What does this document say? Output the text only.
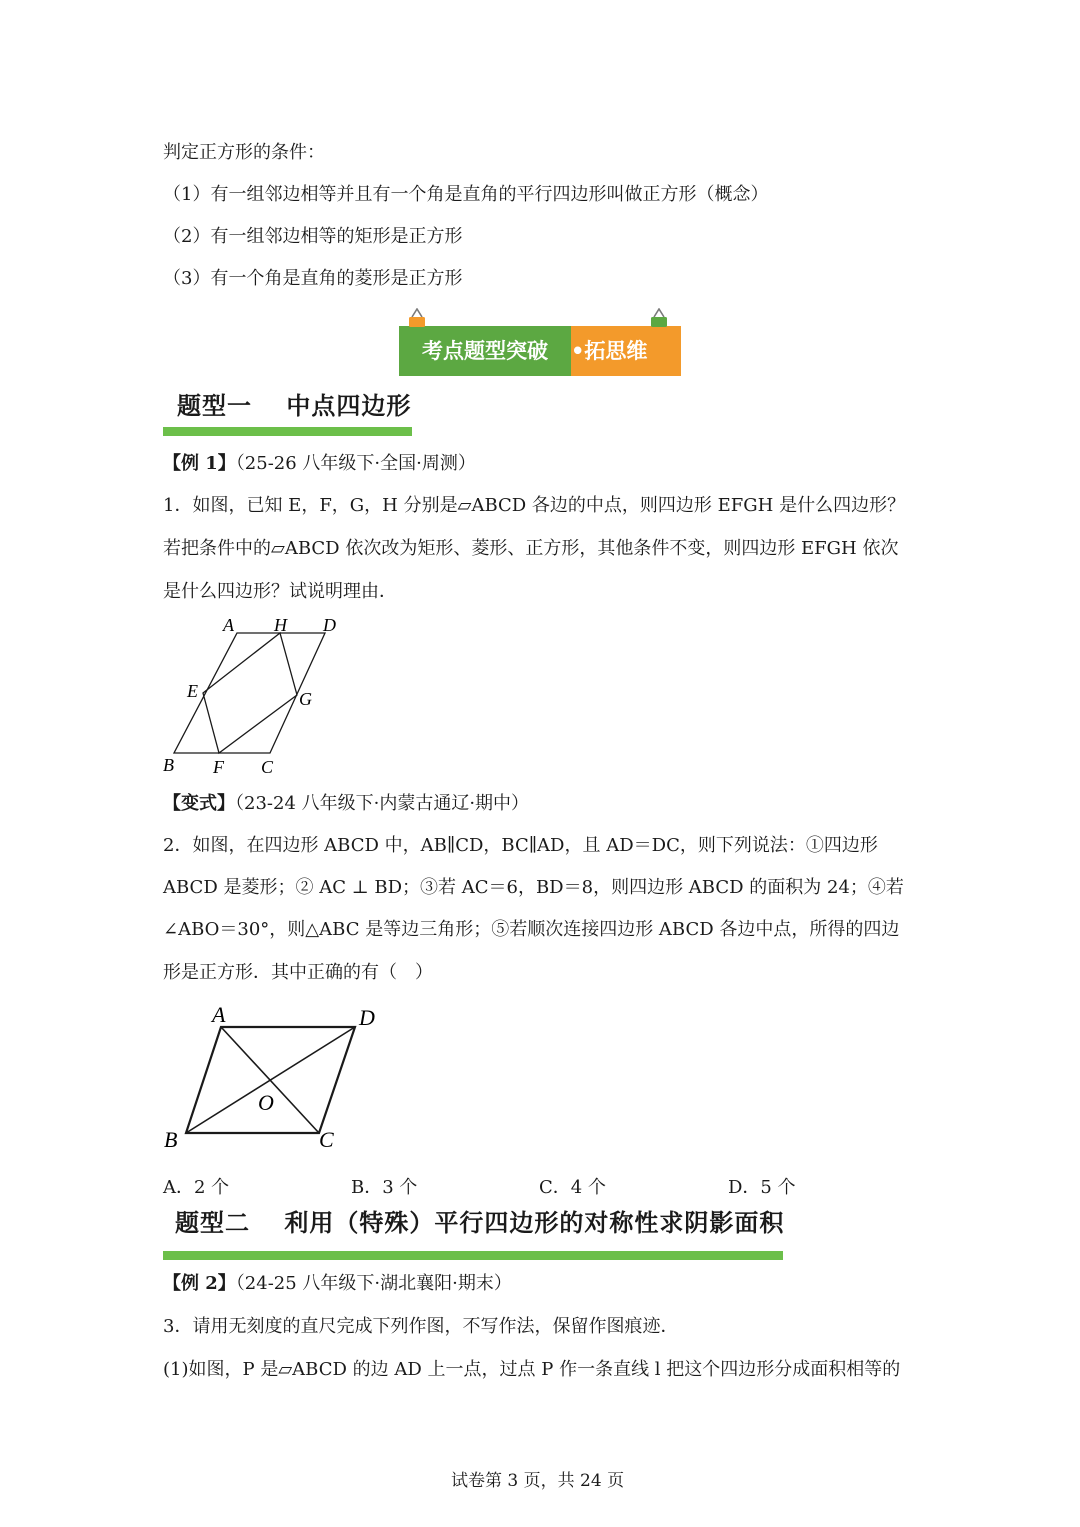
判定正方形的条件：
（1）有一组邻边相等并且有一个角是直角的平行四边形叫做正方形（概念）
（2）有一组邻边相等的矩形是正方形
（3）有一个角是直角的菱形是正方形
考点题型突破	•拓思维
题型一　 中点四边形
【例 1】（25-26 八年级下·全国·周测）
1．如图，已知 E，F，G，H 分别是▱ABCD 各边的中点，则四边形 EFGH 是什么四边形？
若把条件中的▱ABCD 依次改为矩形、菱形、正方形，其他条件不变，则四边形 EFGH 依次
是什么四边形？试说明理由．
A H D
E	G
B F C
【变式】（23-24 八年级下·内蒙古通辽·期中）
2．如图，在四边形 ABCD 中，AB∥CD，BC∥AD，且 AD＝DC，则下列说法：①四边形
ABCD 是菱形；② AC ⊥ BD；③若 AC＝6，BD＝8，则四边形 ABCD 的面积为 24；④若
∠ABO＝30°，则△ABC 是等边三角形；⑤若顺次连接四边形 ABCD 各边中点，所得的四边
形是正方形．其中正确的有（　）
A	D
O
B	C
A．2 个	B．3 个	C．4 个	D．5 个
题型二　 利用（特殊）平行四边形的对称性求阴影面积
【例 2】（24-25 八年级下·湖北襄阳·期末）
3．请用无刻度的直尺完成下列作图，不写作法，保留作图痕迹．
(1)如图，P 是▱ABCD 的边 AD 上一点，过点 P 作一条直线 l 把这个四边形分成面积相等的
试卷第 3 页，共 24 页
